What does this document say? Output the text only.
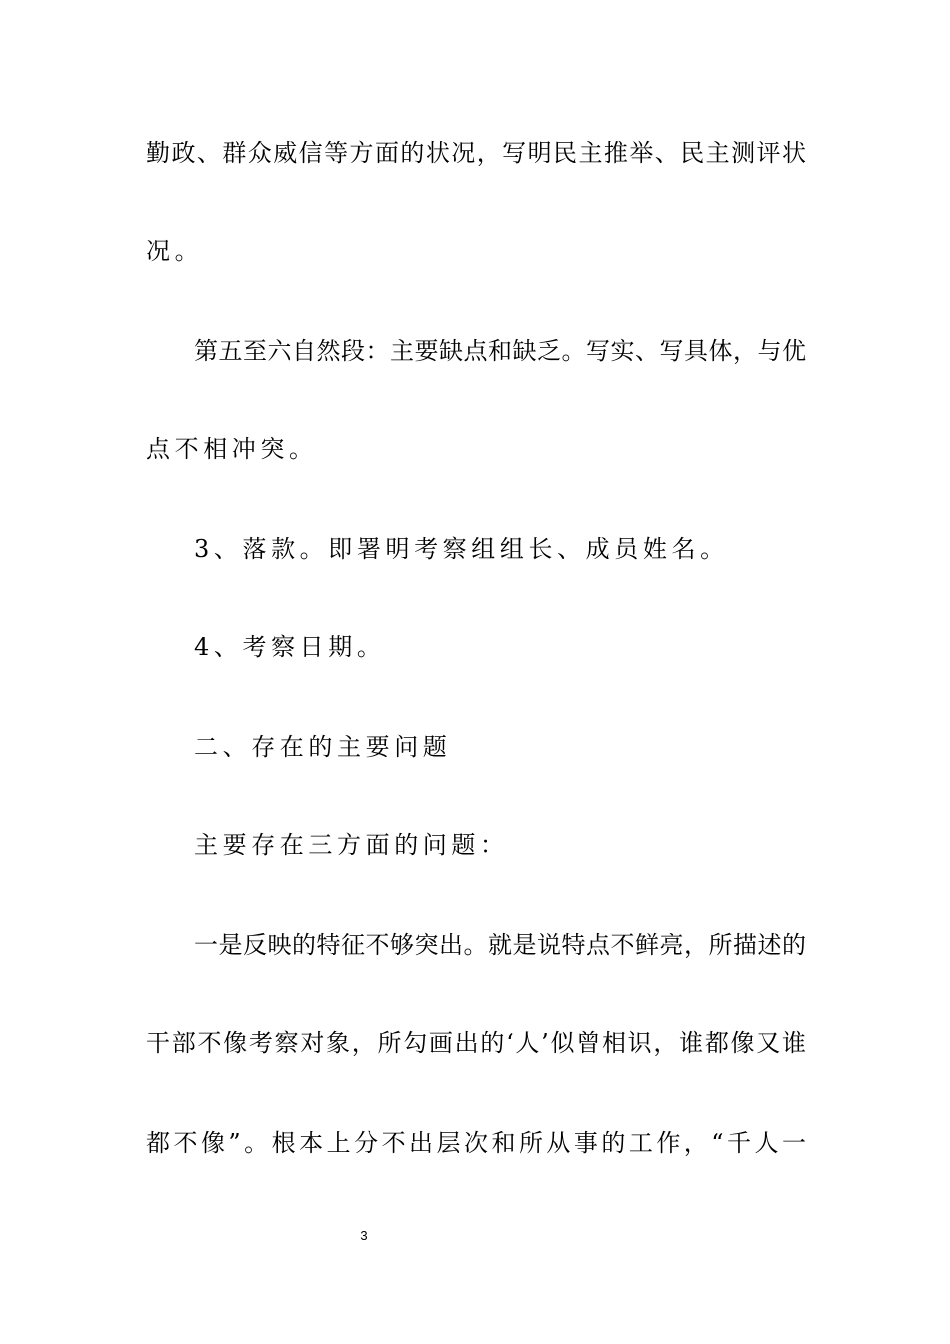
勤政、群众威信等方面的状况，写明民主推举、民主测评状
况。
第五至六自然段：主要缺点和缺乏。写实、写具体，与优
点不相冲突。
3、落款。即署明考察组组长、成员姓名。
4、考察日期。
二、存在的主要问题
主要存在三方面的问题：
一是反映的特征不够突出。就是说特点不鲜亮，所描述的
干部不像考察对象，所勾画出的‘人’似曾相识，谁都像又谁
都不像”。根本上分不出层次和所从事的工作，“千人一
3
